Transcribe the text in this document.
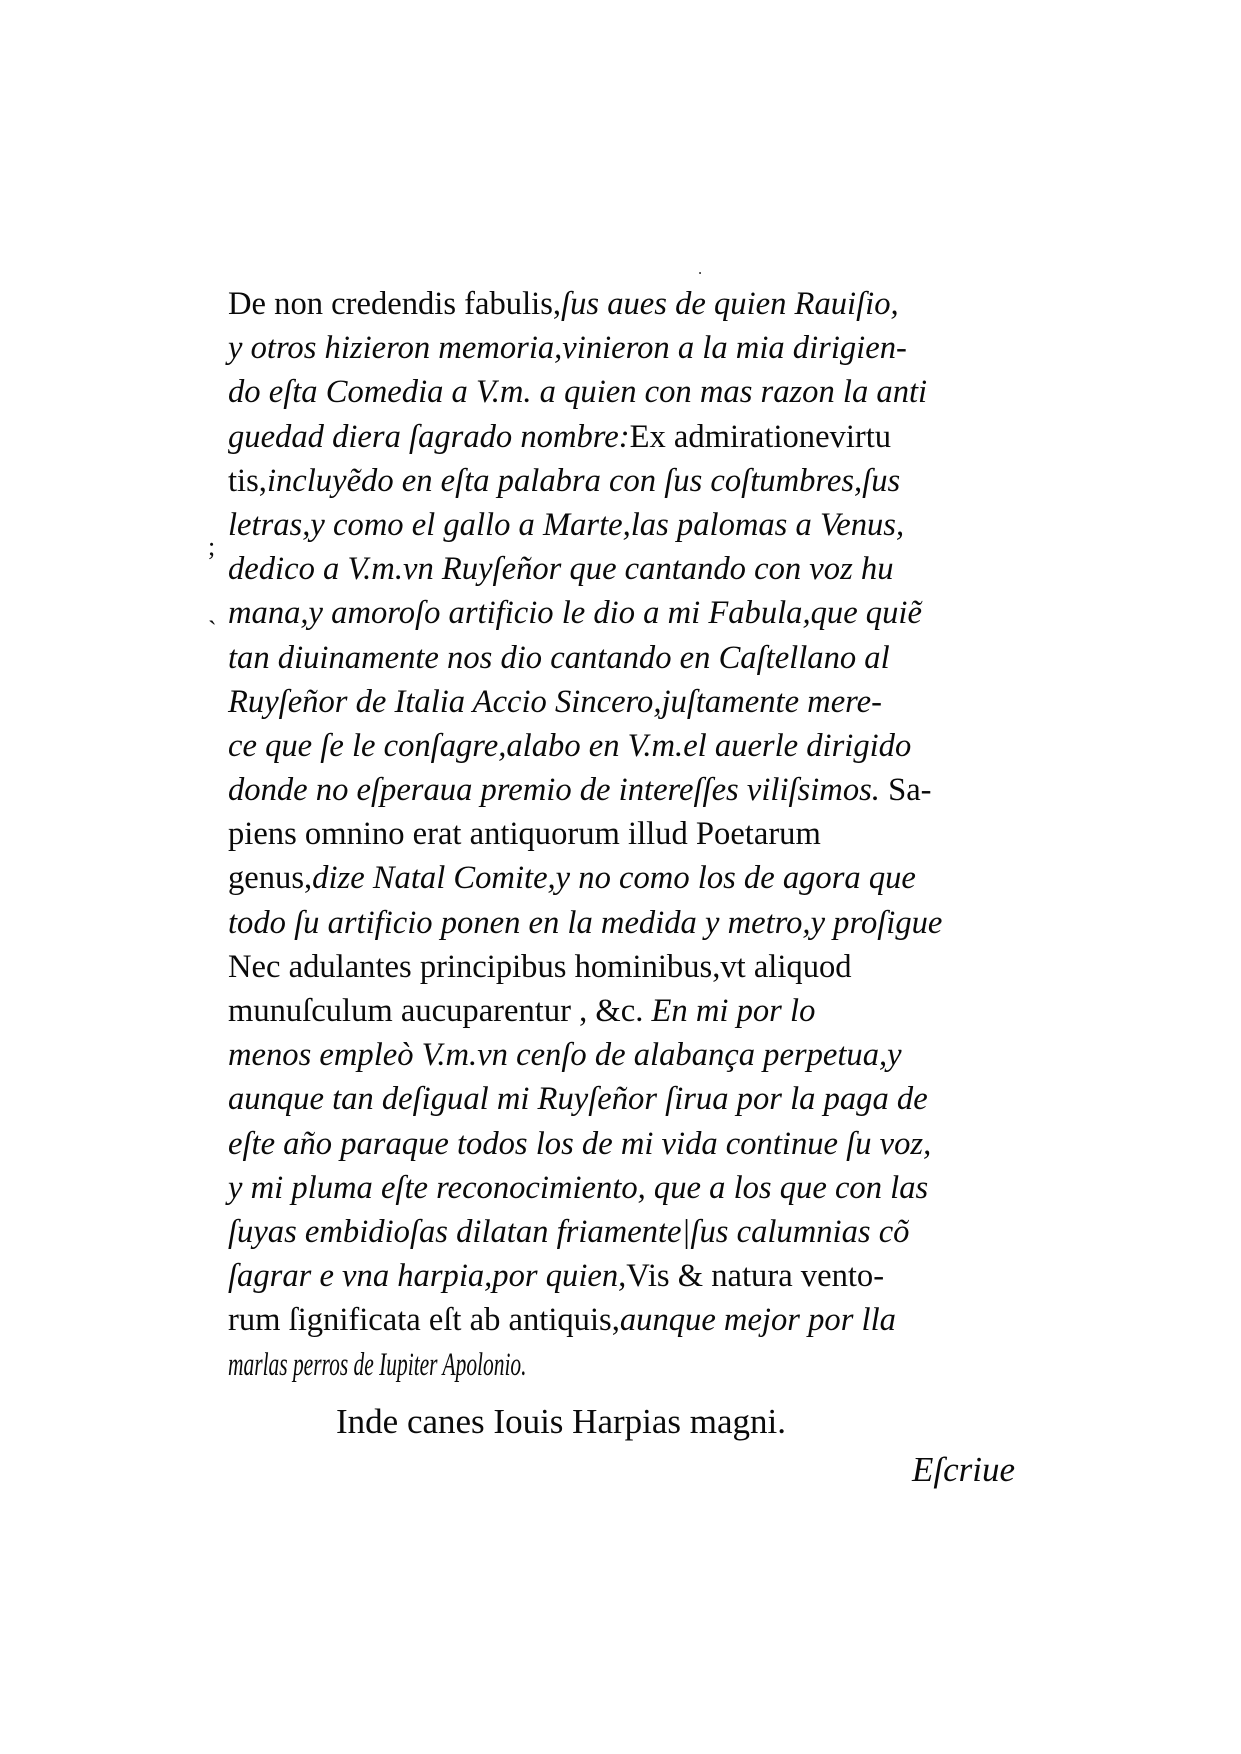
;
ˎ
De non credendis fabulis,ſus aues de quien Rauiſio,
y otros hizieron memoria,vinieron a la mia dirigien-
do eſta Comedia a V.m. a quien con mas razon la anti
guedad diera ſagrado nombre:Ex admirationevirtu
tis,incluyẽdo en eſta palabra con ſus coſtumbres,ſus
letras,y como el gallo a Marte,las palomas a Venus,
dedico a V.m.vn Ruyſeñor que cantando con voz hu
mana,y amoroſo artificio le dio a mi Fabula,que quiẽ
tan diuinamente nos dio cantando en Caſtellano al
Ruyſeñor de Italia Accio Sincero,juſtamente mere-
ce que ſe le conſagre,alabo en V.m.el auerle dirigido
donde no eſperaua premio de intereſſes viliſsimos. Sa-
piens omnino erat antiquorum illud Poetarum
genus,dize Natal Comite,y no como los de agora que
todo ſu artificio ponen en la medida y metro,y proſigue
Nec adulantes principibus hominibus,vt aliquod
munuſculum aucuparentur , &c. En mi por lo
menos empleò V.m.vn cenſo de alabança perpetua,y
aunque tan deſigual mi Ruyſeñor ſirua por la paga de
eſte año paraque todos los de mi vida continue ſu voz,
y mi pluma eſte reconocimiento, que a los que con las
ſuyas embidioſas dilatan friamente|ſus calumnias cõ
ſagrar e vna harpia,por quien,Vis & natura vento-
rum ſignificata eſt ab antiquis,aunque mejor por lla
marlas perros de Iupiter Apolonio.
Inde canes Iouis Harpias magni.
Eſcriue
